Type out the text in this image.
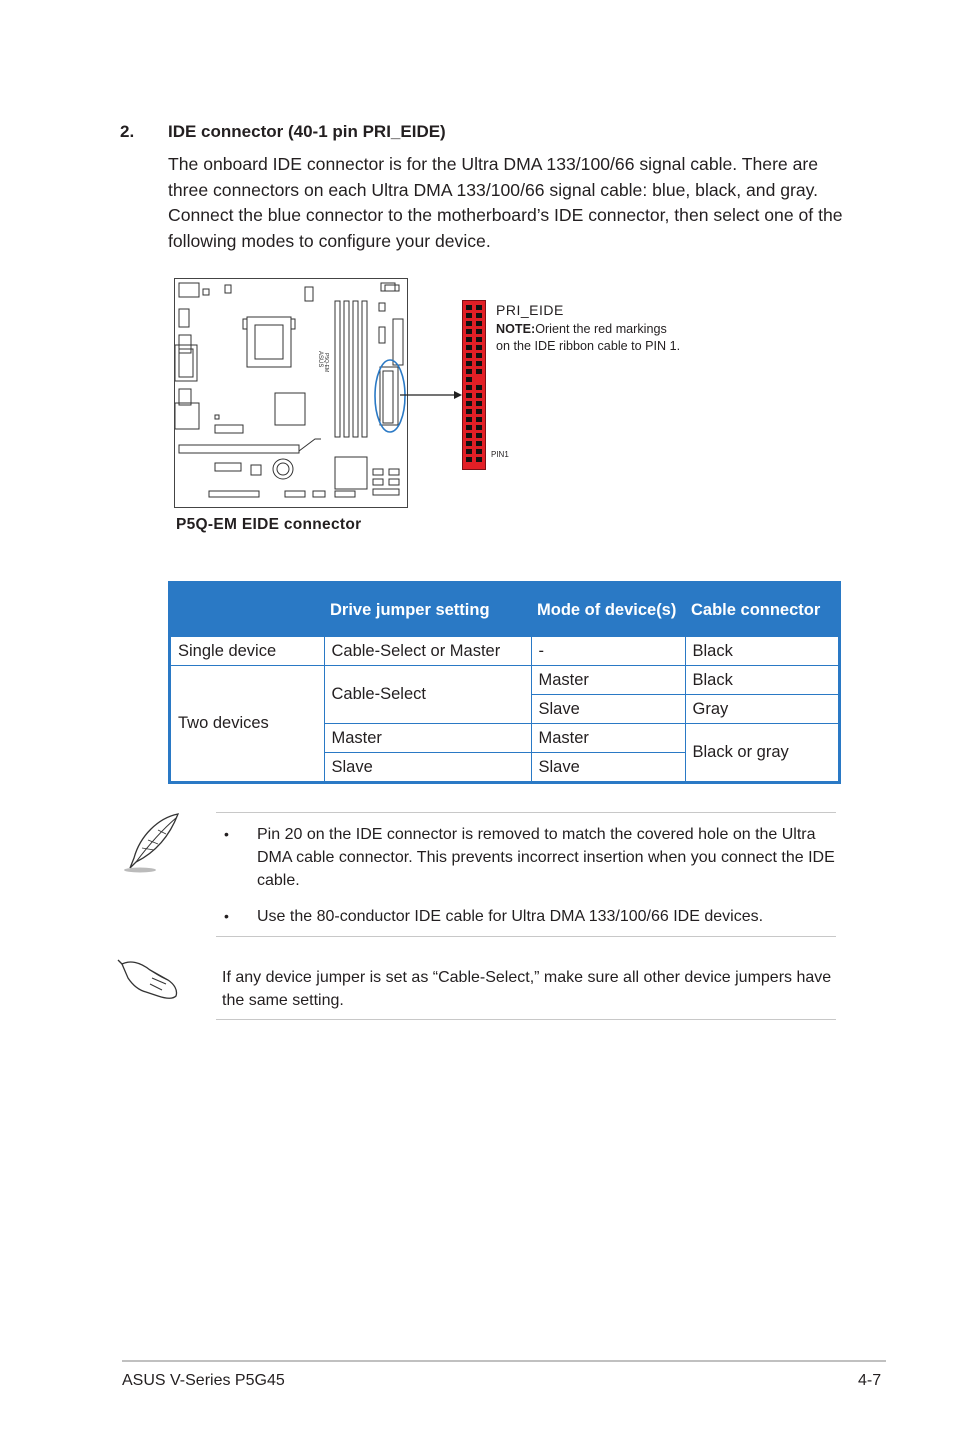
2. IDE connector (40-1 pin PRI_EIDE)
The onboard IDE connector is for the Ultra DMA 133/100/66 signal cable. There are three connectors on each Ultra DMA 133/100/66 signal cable: blue, black, and gray. Connect the blue connector to the motherboard’s IDE connector, then select one of the following modes to configure your device.
ASUS P5Q-EM
PRI_EIDE
NOTE:Orient the red markings
on the IDE ribbon cable to PIN 1.
PIN1
P5Q-EM EIDE connector
	Drive jumper setting	Mode of device(s)	Cable connector
Single device	Cable-Select or Master	-	Black
Two devices	Cable-Select	Master	Black
		Slave	Gray
	Master	Master	Black or gray
	Slave	Slave	
• Pin 20 on the IDE connector is removed to match the covered hole on the Ultra DMA cable connector. This prevents incorrect insertion when you connect the IDE cable.
• Use the 80-conductor IDE cable for Ultra DMA 133/100/66 IDE devices.
If any device jumper is set as “Cable-Select,” make sure all other device jumpers have the same setting.
ASUS V-Series P5G45	4-7
